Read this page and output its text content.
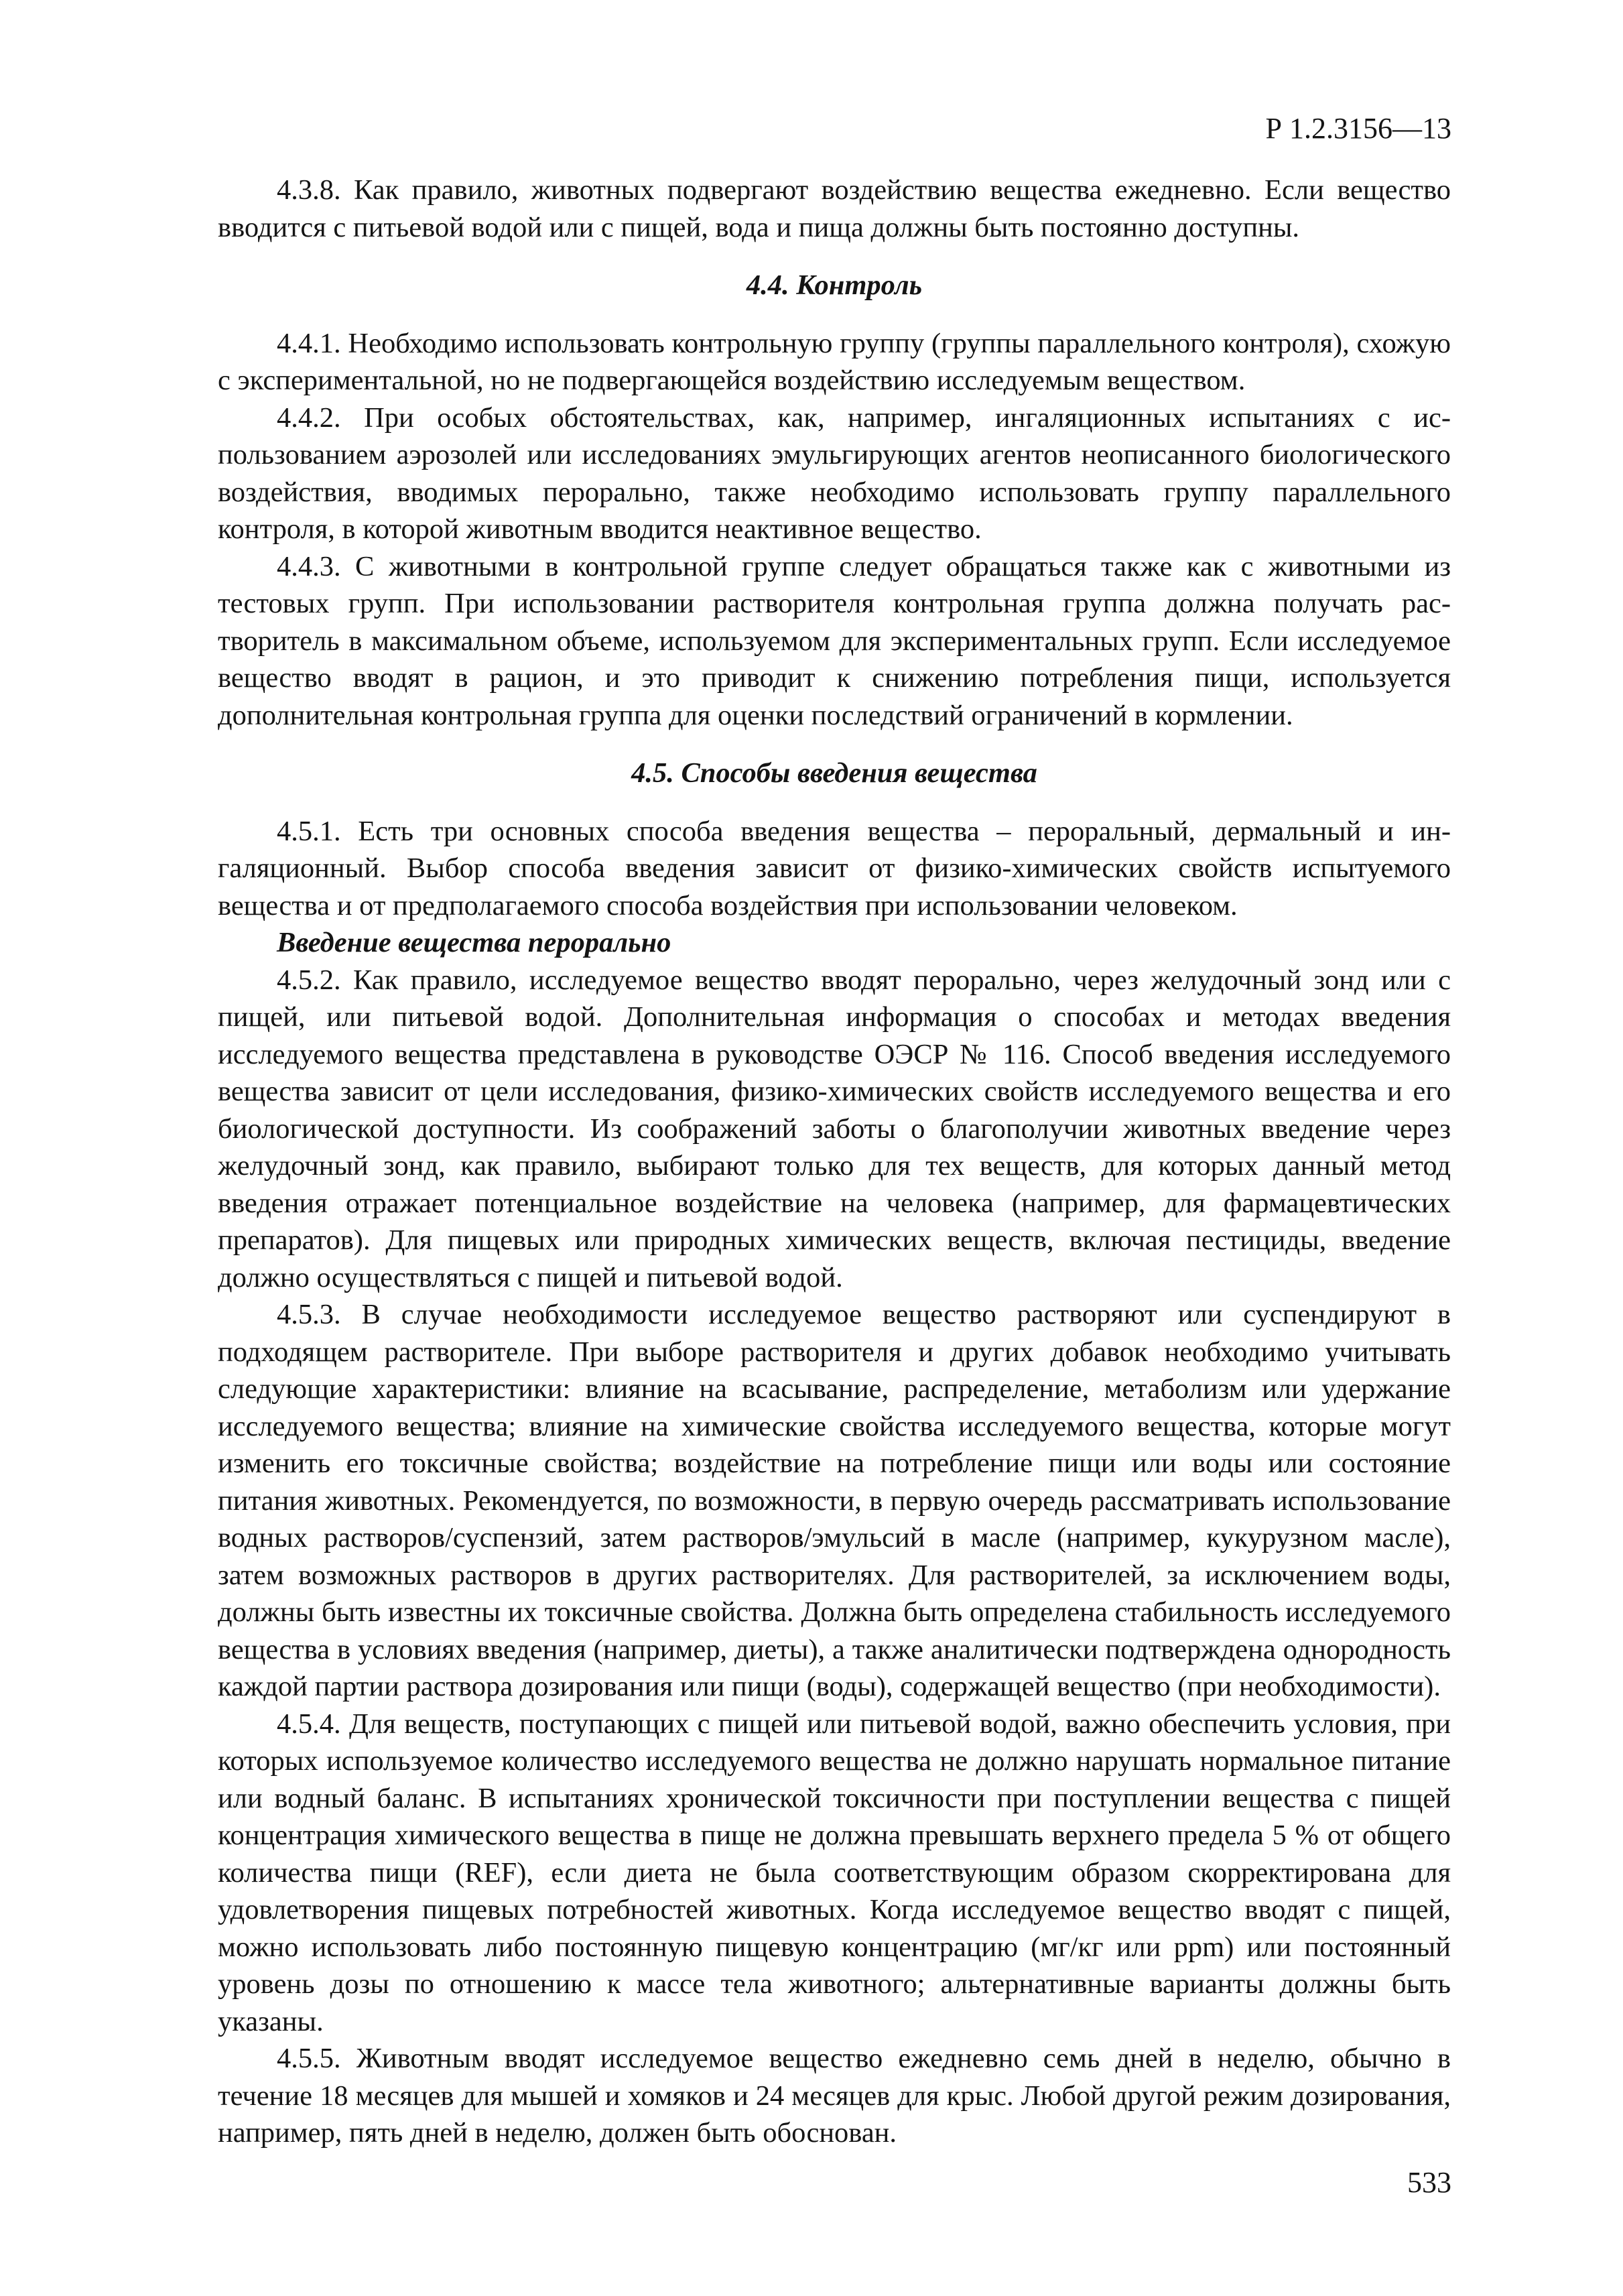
Р 1.2.3156—13

4.3.8. Как правило, животных подвергают воздействию вещества ежедневно. Если вещество вводится с питьевой водой или с пищей, вода и пища должны быть постоянно доступны.

4.4. Контроль

4.4.1. Необходимо использовать контрольную группу (группы параллельного контроля), схожую с экспериментальной, но не подвергающейся воздействию исследуемым веществом.

4.4.2. При особых обстоятельствах, как, например, ингаляционных испытаниях с использованием аэрозолей или исследованиях эмульгирующих агентов неописанного биологического воздействия, вводимых перорально, также необходимо использовать группу параллельного контроля, в которой животным вводится неактивное вещество.

4.4.3. С животными в контрольной группе следует обращаться также как с животными из тестовых групп. При использовании растворителя контрольная группа должна получать растворитель в максимальном объеме, используемом для экспериментальных групп. Если исследуемое вещество вводят в рацион, и это приводит к снижению потребления пищи, используется дополнительная контрольная группа для оценки последствий ограничений в кормлении.

4.5. Способы введения вещества

4.5.1. Есть три основных способа введения вещества – пероральный, дермальный и ингаляционный. Выбор способа введения зависит от физико-химических свойств испытуемого вещества и от предполагаемого способа воздействия при использовании человеком.

Введение вещества перорально

4.5.2. Как правило, исследуемое вещество вводят перорально, через желудочный зонд или с пищей, или питьевой водой. Дополнительная информация о способах и методах введения исследуемого вещества представлена в руководстве ОЭСР № 116. Способ введения исследуемого вещества зависит от цели исследования, физико-химических свойств исследуемого вещества и его биологической доступности. Из соображений заботы о благополучии животных введение через желудочный зонд, как правило, выбирают только для тех веществ, для которых данный метод введения отражает потенциальное воздействие на человека (например, для фармацевтических препаратов). Для пищевых или природных химических веществ, включая пестициды, введение должно осуществляться с пищей и питьевой водой.

4.5.3. В случае необходимости исследуемое вещество растворяют или суспендируют в подходящем растворителе. При выборе растворителя и других добавок необходимо учитывать следующие характеристики: влияние на всасывание, распределение, метаболизм или удержание исследуемого вещества; влияние на химические свойства исследуемого вещества, которые могут изменить его токсичные свойства; воздействие на потребление пищи или воды или состояние питания животных. Рекомендуется, по возможности, в первую очередь рассматривать использование водных растворов/суспензий, затем растворов/эмульсий в масле (например, кукурузном масле), затем возможных растворов в других растворителях. Для растворителей, за исключением воды, должны быть известны их токсичные свойства. Должна быть определена стабильность исследуемого вещества в условиях введения (например, диеты), а также аналитически подтверждена однородность каждой партии раствора дозирования или пищи (воды), содержащей вещество (при необходимости).

4.5.4. Для веществ, поступающих с пищей или питьевой водой, важно обеспечить условия, при которых используемое количество исследуемого вещества не должно нарушать нормальное питание или водный баланс. В испытаниях хронической токсичности при поступлении вещества с пищей концентрация химического вещества в пище не должна превышать верхнего предела 5 % от общего количества пищи (REF), если диета не была соответствующим образом скорректирована для удовлетворения пищевых потребностей животных. Когда исследуемое вещество вводят с пищей, можно использовать либо постоянную пищевую концентрацию (мг/кг или ppm) или постоянный уровень дозы по отношению к массе тела животного; альтернативные варианты должны быть указаны.

4.5.5. Животным вводят исследуемое вещество ежедневно семь дней в неделю, обычно в течение 18 месяцев для мышей и хомяков и 24 месяцев для крыс. Любой другой режим дозирования, например, пять дней в неделю, должен быть обоснован.

533
